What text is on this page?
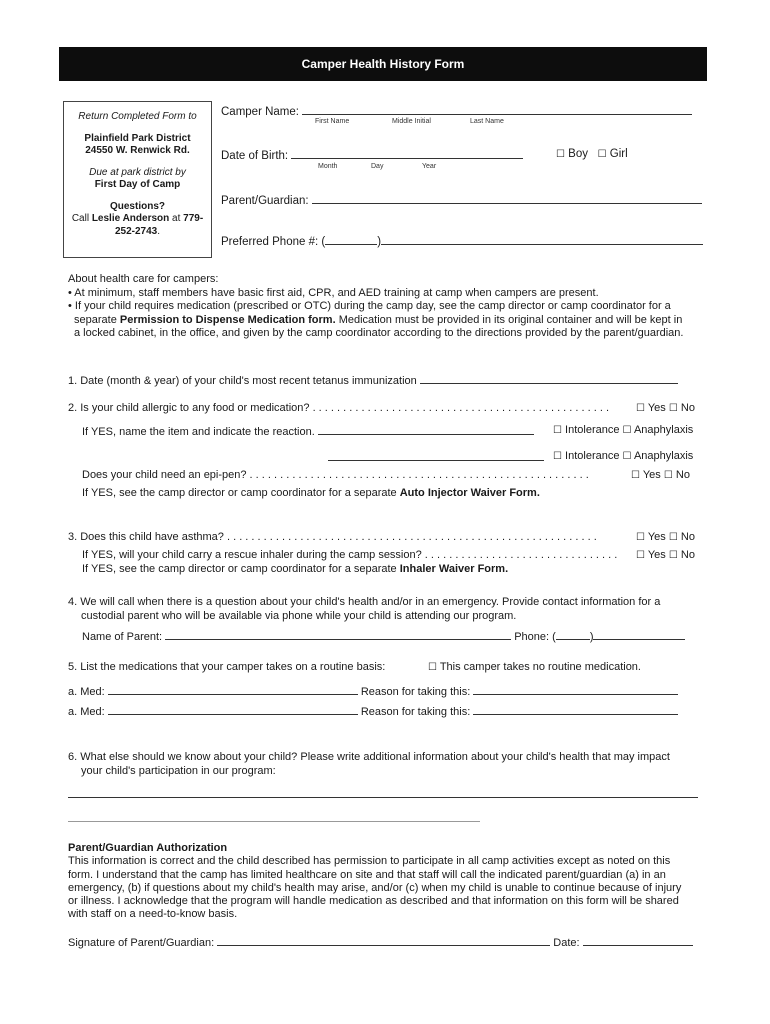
Camper Health History Form
Return Completed Form to
Plainfield Park District
24550 W. Renwick Rd.
Due at park district by
First Day of Camp
Questions?
Call Leslie Anderson at 779-
252-2743.
Camper Name:
First Name	Middle Initial	Last Name
Date of Birth:
Month	Day	Year
☐ Boy ☐ Girl
Parent/Guardian:
Preferred Phone #: (	)
About health care for campers:
• At minimum, staff members have basic first aid, CPR, and AED training at camp when campers are present.
• If your child requires medication (prescribed or OTC) during the camp day, see the camp director or camp coordinator for a
separate Permission to Dispense Medication form. Medication must be provided in its original container and will be kept in
a locked cabinet, in the office, and given by the camp coordinator according to the directions provided by the parent/guardian.
1. Date (month & year) of your child's most recent tetanus immunization
2. Is your child allergic to any food or medication? . . . . . . . . . . . . . . . . . . . . . . . . . . . . . . . . . . . . . . . . . . . . . . . . .	☐ Yes ☐ No
If YES, name the item and indicate the reaction.	☐ Intolerance ☐ Anaphylaxis
☐ Intolerance ☐ Anaphylaxis
Does your child need an epi-pen? . . . . . . . . . . . . . . . . . . . . . . . . . . . . . . . . . . . . . . . . . . . . . . . . . . . . . . . .	☐ Yes ☐ No
If YES, see the camp director or camp coordinator for a separate Auto Injector Waiver Form.
3. Does this child have asthma? . . . . . . . . . . . . . . . . . . . . . . . . . . . . . . . . . . . . . . . . . . . . . . . . . . . . . . . . . . . . .	☐ Yes ☐ No
If YES, will your child carry a rescue inhaler during the camp session? . . . . . . . . . . . . . . . . . . . . . . . . . . . . . . . . ☐ Yes ☐ No
If YES, see the camp director or camp coordinator for a separate Inhaler Waiver Form.
4. We will call when there is a question about your child's health and/or in an emergency. Provide contact information for a
custodial parent who will be available via phone while your child is attending our program.
Name of Parent:	Phone: (	)
5. List the medications that your camper takes on a routine basis:	☐ This camper takes no routine medication.
a. Med:	Reason for taking this:
a. Med:	Reason for taking this:
6. What else should we know about your child? Please write additional information about your child's health that may impact
your child's participation in our program:
Parent/Guardian Authorization
This information is correct and the child described has permission to participate in all camp activities except as noted on this
form. I understand that the camp has limited healthcare on site and that staff will call the indicated parent/guardian (a) in an
emergency, (b) if questions about my child's health may arise, and/or (c) when my child is unable to continue because of injury
or illness. I acknowledge that the program will handle medication as described and that information on this form will be shared
with staff on a need-to-know basis.
Signature of Parent/Guardian:	Date:
